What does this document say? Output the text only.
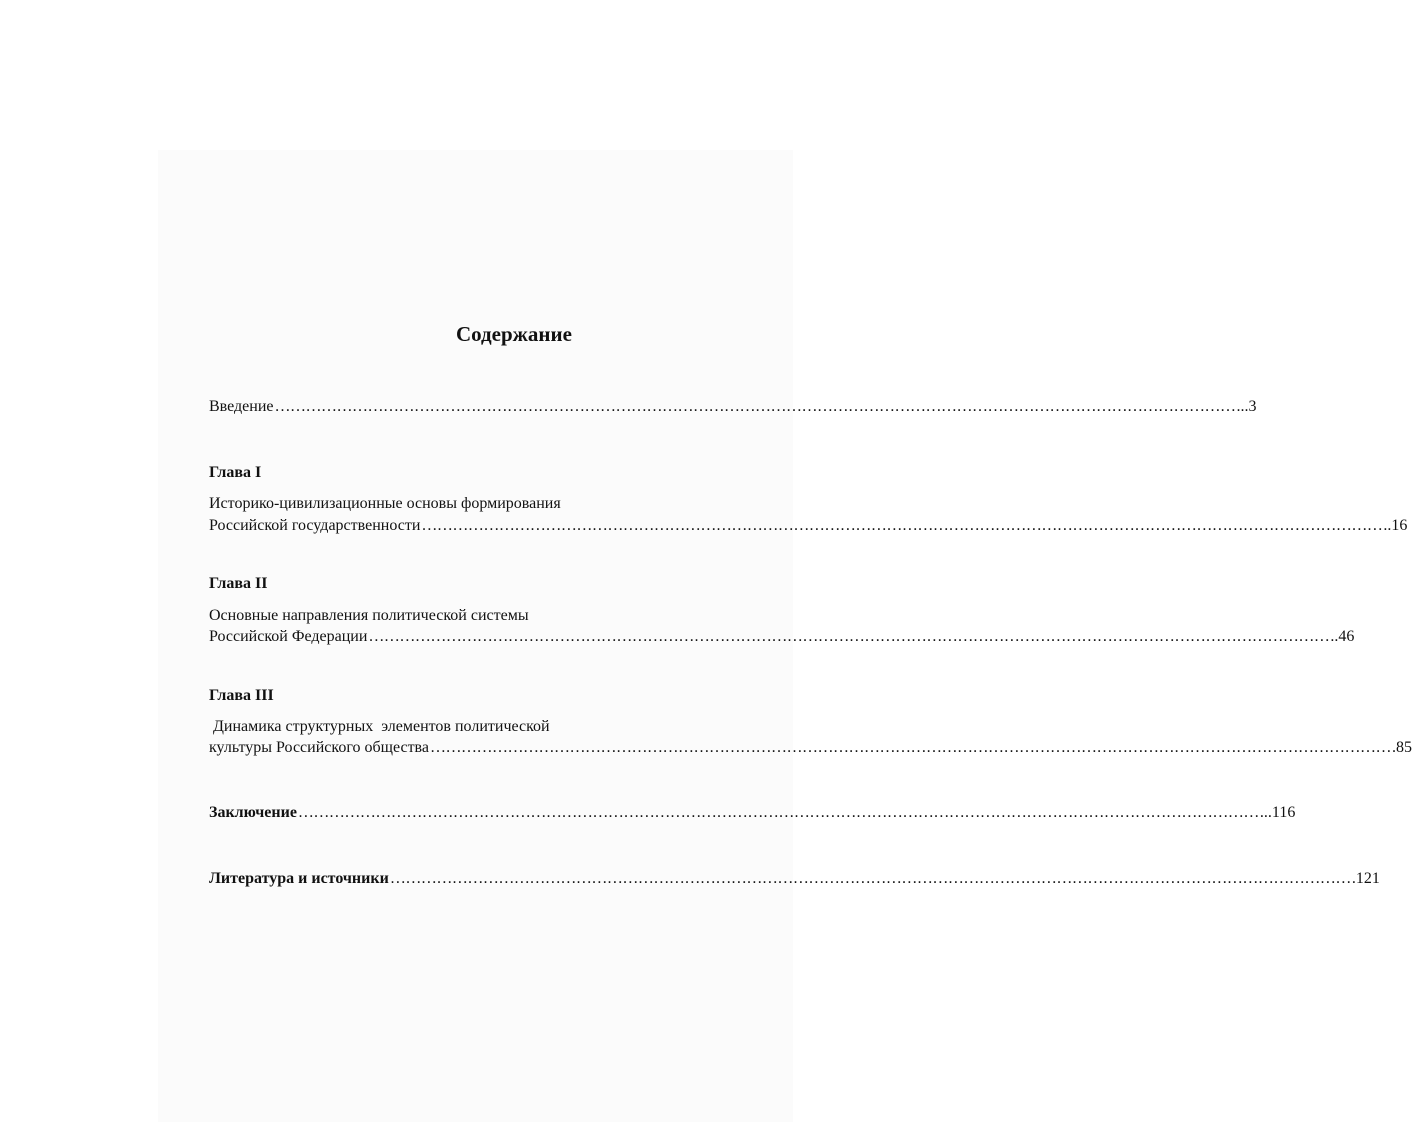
Содержание
Введение ……………………………………………………………………………………………………………………………………………………………………	...3
Глава I
Историко-цивилизационные основы формирования
Российской государственности ……………………………………………………………………………………………………………………………………………………………………	..16
Глава II
Основные направления политической системы
Российской Федерации ……………………………………………………………………………………………………………………………………………………………………	..46
Глава III
Динамика структурных  элементов политической
культуры Российского общества ……………………………………………………………………………………………………………………………………………………………………	.85
Заключение ……………………………………………………………………………………………………………………………………………………………………	...116
Литература и источники ……………………………………………………………………………………………………………………………………………………………………	.121
